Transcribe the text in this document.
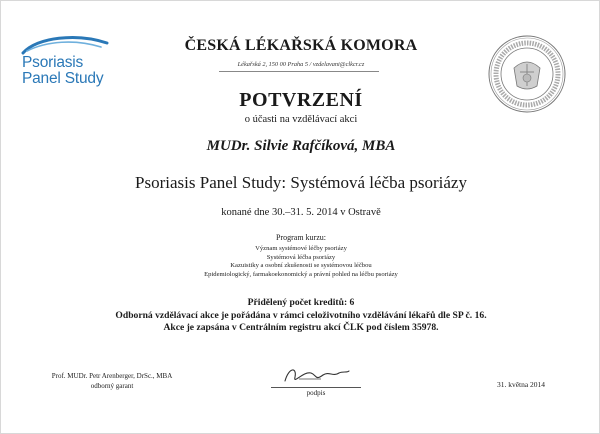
Psoriasis
Panel Study
ČESKÁ LÉKAŘSKÁ KOMORA
Lékařská 2, 150 00 Praha 5 / vzdelavani@clkcr.cz
POTVRZENÍ
o účasti na vzdělávací akci
MUDr. Silvie Rafčíková, MBA
Psoriasis Panel Study: Systémová léčba psoriázy
konané dne 30.–31. 5. 2014 v Ostravě
Program kurzu:
Význam systémové léčby psoriázy
Systémová léčba psoriázy
Kazuistiky a osobní zkušenosti se systémovou léčbou
Epidemiologický, farmakoekonomický a právní pohled na léčbu psoriázy
Přidělený počet kreditů: 6
Odborná vzdělávací akce je pořádána v rámci celoživotního vzdělávání lékařů dle SP č. 16.
Akce je zapsána v Centrálním registru akcí ČLK pod číslem 35978.
Prof. MUDr. Petr Arenberger, DrSc., MBA
odborný garant
podpis
31. května 2014
